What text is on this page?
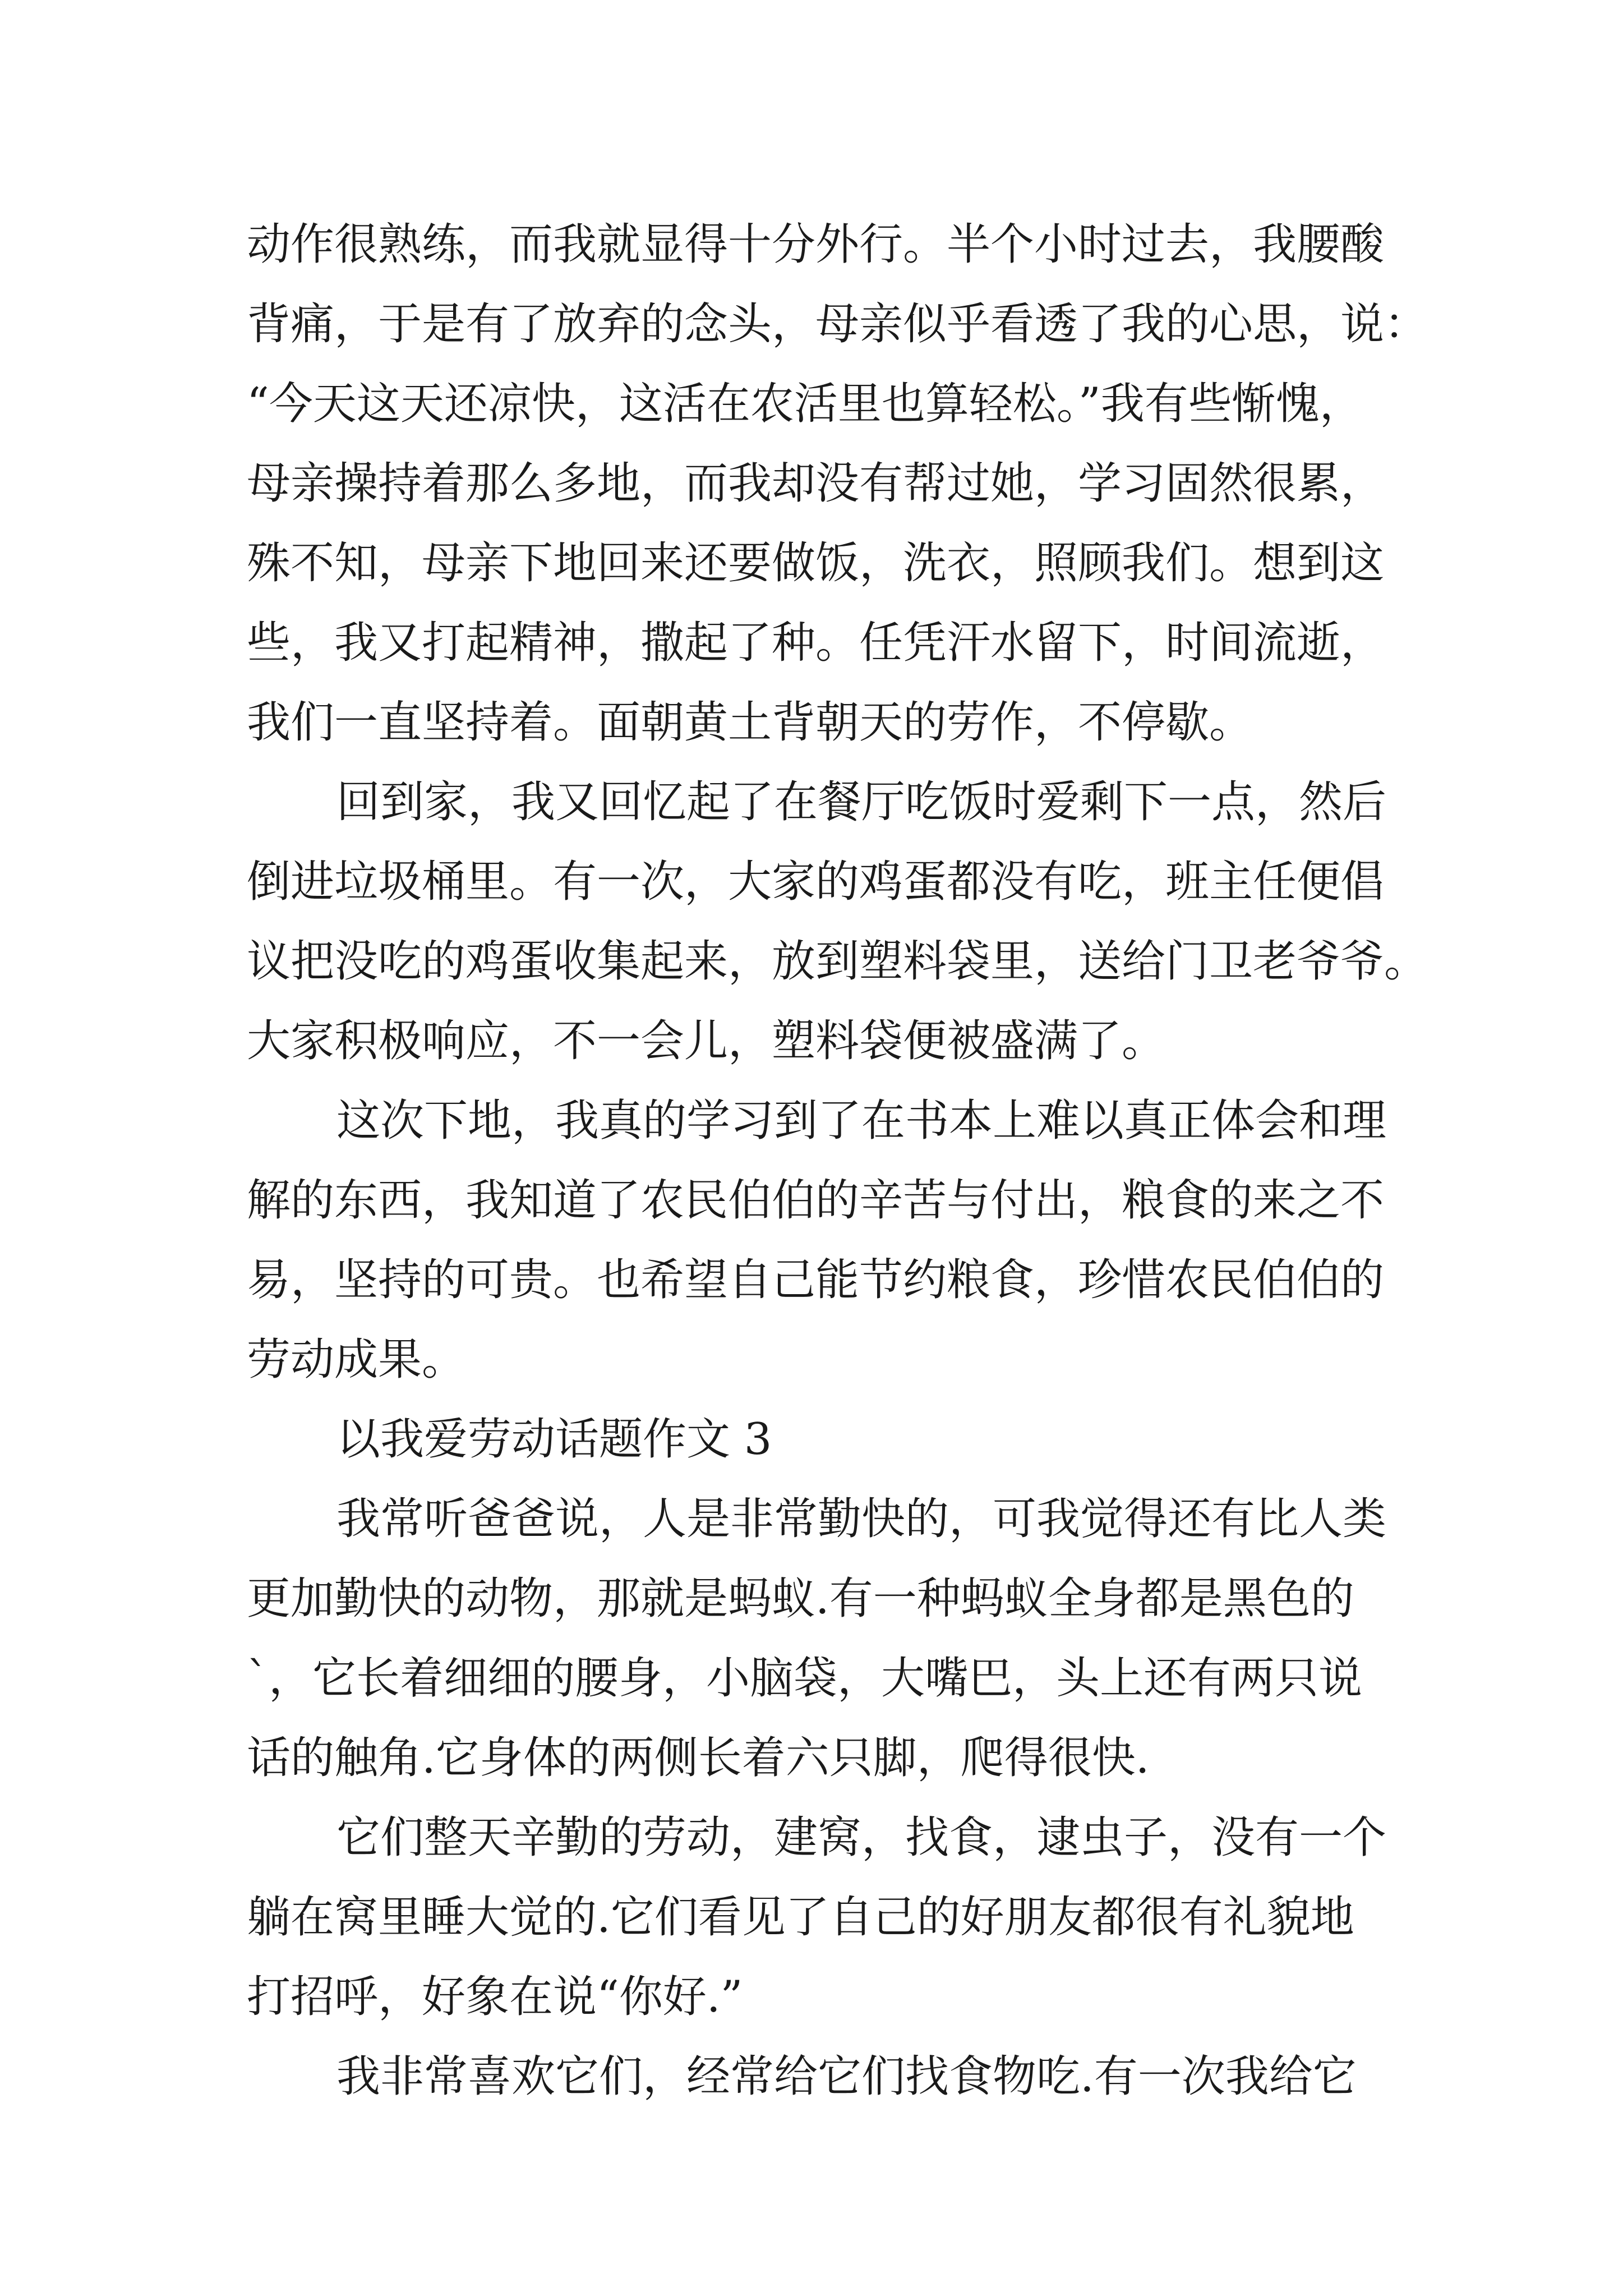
动作很熟练，而我就显得十分外行。半个小时过去，我腰酸
背痛，于是有了放弃的念头，母亲似乎看透了我的心思，说：
“今天这天还凉快，这活在农活里也算轻松。”我有些惭愧，
母亲操持着那么多地，而我却没有帮过她，学习固然很累，
殊不知，母亲下地回来还要做饭，洗衣，照顾我们。想到这
些，我又打起精神，撒起了种。任凭汗水留下，时间流逝，
我们一直坚持着。面朝黄土背朝天的劳作，不停歇。
回到家，我又回忆起了在餐厅吃饭时爱剩下一点，然后
倒进垃圾桶里。有一次，大家的鸡蛋都没有吃，班主任便倡
议把没吃的鸡蛋收集起来，放到塑料袋里，送给门卫老爷爷。
大家积极响应，不一会儿，塑料袋便被盛满了。
这次下地，我真的学习到了在书本上难以真正体会和理
解的东西，我知道了农民伯伯的辛苦与付出，粮食的来之不
易，坚持的可贵。也希望自己能节约粮食，珍惜农民伯伯的
劳动成果。
以我爱劳动话题作文 3
我常听爸爸说，人是非常勤快的，可我觉得还有比人类
更加勤快的动物，那就是蚂蚁.有一种蚂蚁全身都是黑色的
`，它长着细细的腰身，小脑袋，大嘴巴，头上还有两只说
话的触角.它身体的两侧长着六只脚，爬得很快.
它们整天辛勤的劳动，建窝，找食，逮虫子，没有一个
躺在窝里睡大觉的.它们看见了自己的好朋友都很有礼貌地
打招呼，好象在说“你好.”
我非常喜欢它们，经常给它们找食物吃.有一次我给它
